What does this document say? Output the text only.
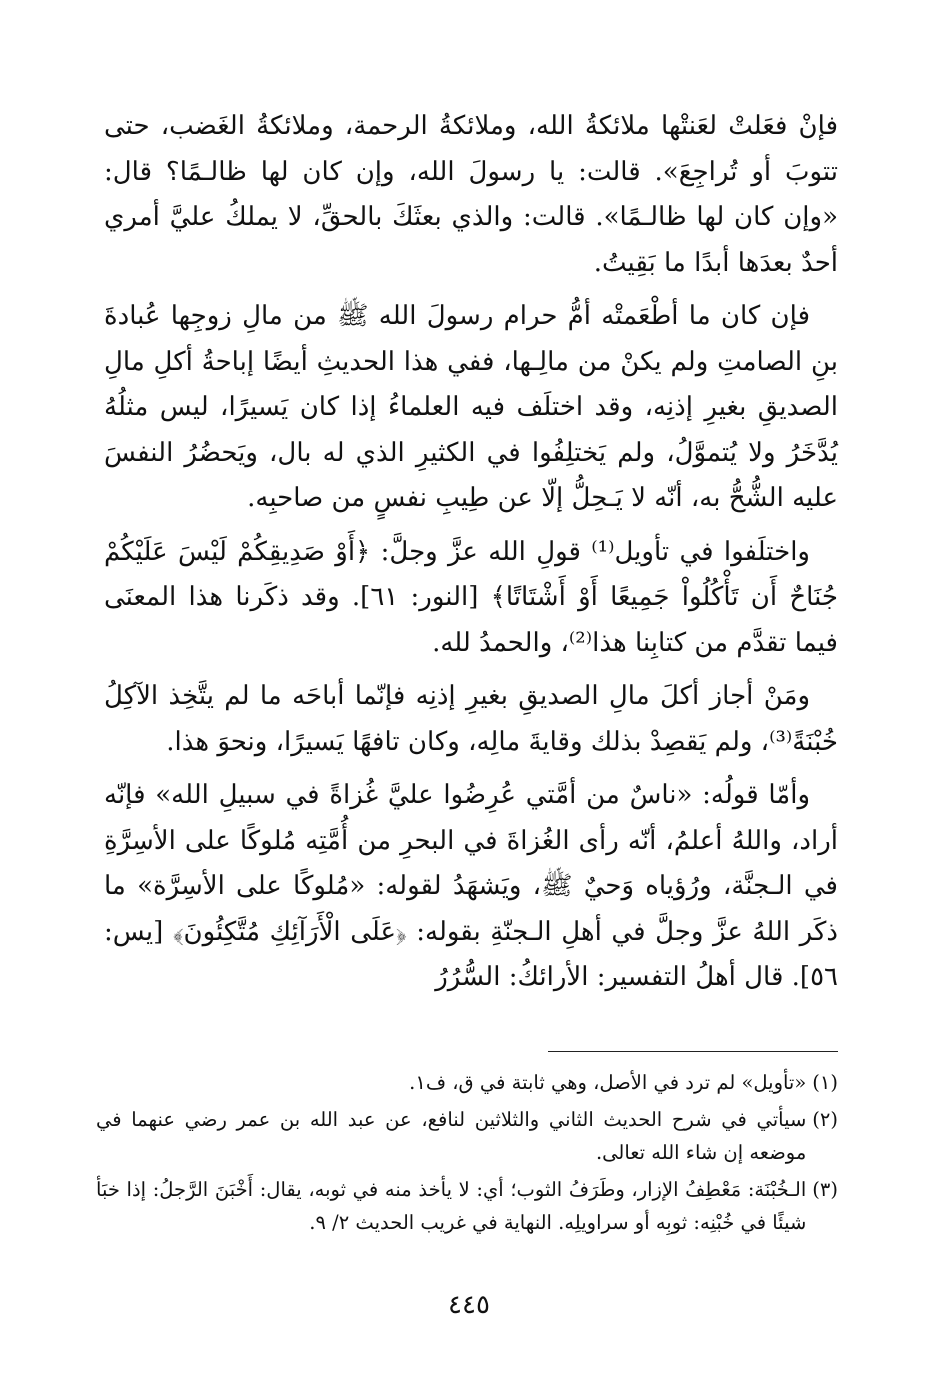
فإنْ فعَلتْ لعَنتْها ملائكةُ الله، وملائكةُ الرحمة، وملائكةُ الغَضب، حتى تتوبَ أو تُراجِعَ». قالت: يا رسولَ الله، وإن كان لها ظالـمًا؟ قال: «وإن كان لها ظالـمًا». قالت: والذي بعثَكَ بالحقِّ، لا يملكُ عليَّ أمري أحدٌ بعدَها أبدًا ما بَقِيتُ.

فإن كان ما أطْعَمتْه أمُّ حرام رسولَ الله ﷺ من مالِ زوجِها عُبادةَ بنِ الصامتِ ولم يكنْ من مالِـها، ففي هذا الحديثِ أيضًا إباحةُ أكلِ مالِ الصديقِ بغيرِ إذنِه، وقد اختلَف فيه العلماءُ إذا كان يَسيرًا، ليس مثلُهُ يُدَّخَرُ ولا يُتموَّلُ، ولم يَختلِفُوا في الكثيرِ الذي له بال، ويَحضُرُ النفسَ عليه الشُّحُّ به، أنّه لا يَـحِلُّ إلّا عن طِيبِ نفسٍ من صاحبِه.

واختلَفوا في تأويل⁽¹⁾ قولِ الله عزَّ وجلَّ: ﴿أَوْ صَدِيقِكُمْ لَيْسَ عَلَيْكُمْ جُنَاحٌ أَن تَأْكُلُواْ جَمِيعًا أَوْ أَشْتَاتًا﴾ [النور: ٦١]. وقد ذكَرنا هذا المعنَى فيما تقدَّم من كتابِنا هذا⁽²⁾، والحمدُ لله.

ومَنْ أجاز أكلَ مالِ الصديقِ بغيرِ إذنِه فإنّما أباحَه ما لم يتَّخِذ الآكِلُ خُبْنَةً⁽³⁾، ولم يَقصِدْ بذلك وقايةَ مالِه، وكان تافهًا يَسيرًا، ونحوَ هذا.

وأمّا قولُه: «ناسٌ من أمَّتي عُرِضُوا عليَّ غُزاةً في سبيلِ الله» فإنّه أراد، واللهُ أعلمُ، أنّه رأى الغُزاةَ في البحرِ من أُمَّتِه مُلوكًا على الأسِرَّةِ في الـجنَّة، ورُؤياه وَحيٌ ﷺ، ويَشهَدُ لقوله: «مُلوكًا على الأسِرَّة» ما ذكَر اللهُ عزَّ وجلَّ في أهلِ الـجنّةِ بقوله: ﴿عَلَى الْأَرَآئِكِ مُتَّكِئُونَ﴾ [يس: ٥٦]. قال أهلُ التفسير: الأرائكُ: السُّرُرُ

(١)
«تأويل» لم ترد في الأصل، وهي ثابتة في ق، ف١.
(٢)
سيأتي في شرح الحديث الثاني والثلاثين لنافع، عن عبد الله بن عمر رضي عنهما في موضعه إن شاء الله تعالى.
(٣)
الـخُبْنَة: مَعْطِفُ الإزار، وطَرَفُ الثوب؛ أي: لا يأخذ منه في ثوبه، يقال: أَخْبَنَ الرَّجلُ: إذا خبَأ شيئًا في خُبْنِه: ثوبِه أو سراويلِه. النهاية في غريب الحديث ٢/ ٩.
٤٤٥
